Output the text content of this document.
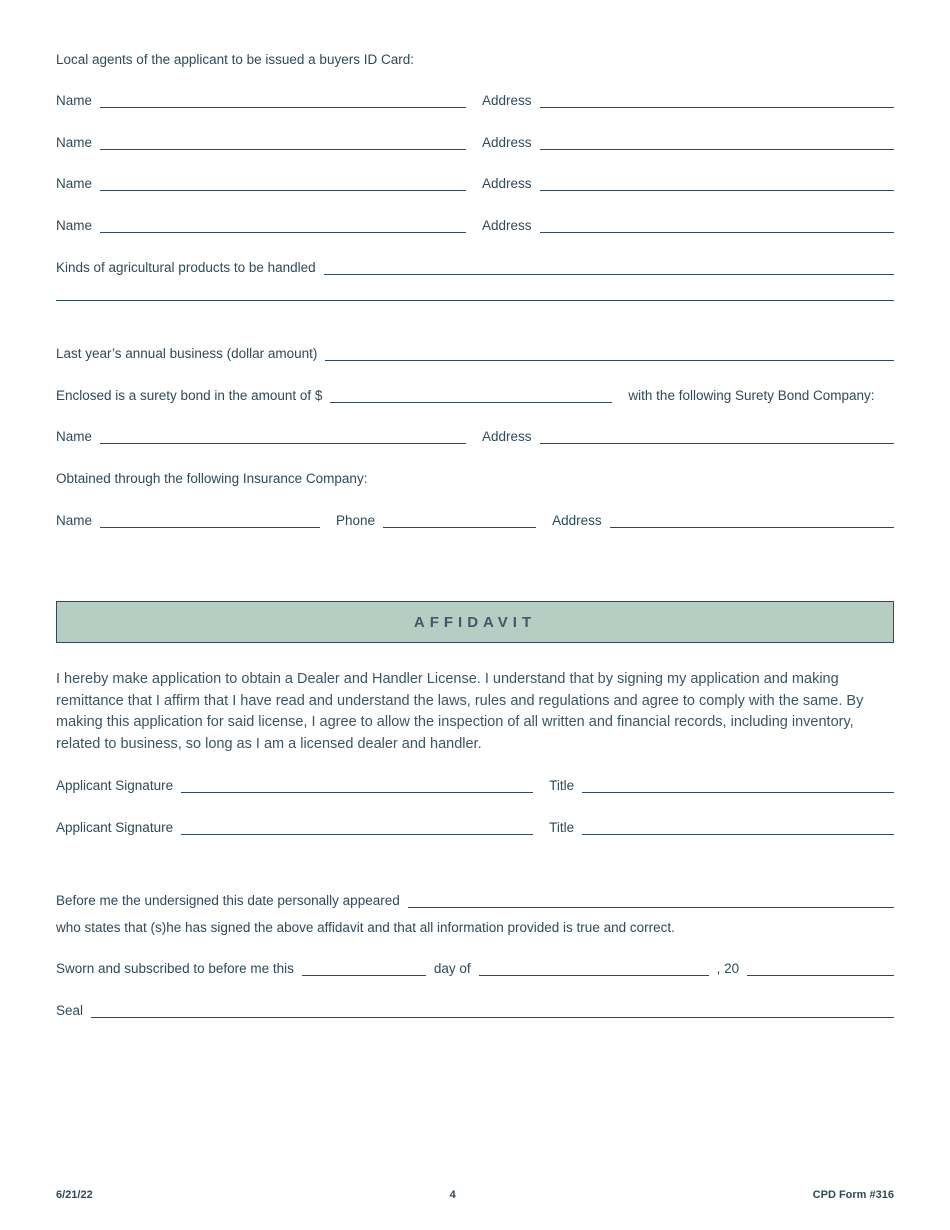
Local agents of the applicant to be issued a buyers ID Card:
Name	Address
Name	Address
Name	Address
Name	Address
Kinds of agricultural products to be handled
Last year’s annual business (dollar amount)
Enclosed is a surety bond in the amount of $	with the following Surety Bond Company:
Name	Address
Obtained through the following Insurance Company:
Name	Phone	Address
AFFIDAVIT
I hereby make application to obtain a Dealer and Handler License. I understand that by signing my application and making remittance that I affirm that I have read and understand the laws, rules and regulations and agree to comply with the same. By making this application for said license, I agree to allow the inspection of all written and financial records, including inventory, related to business, so long as I am a licensed dealer and handler.
Applicant Signature	Title
Applicant Signature	Title
Before me the undersigned this date personally appeared
who states that (s)he has signed the above affidavit and that all information provided is true and correct.
Sworn and subscribed to before me this	day of	, 20
Seal
6/21/22	4	CPD Form #316
